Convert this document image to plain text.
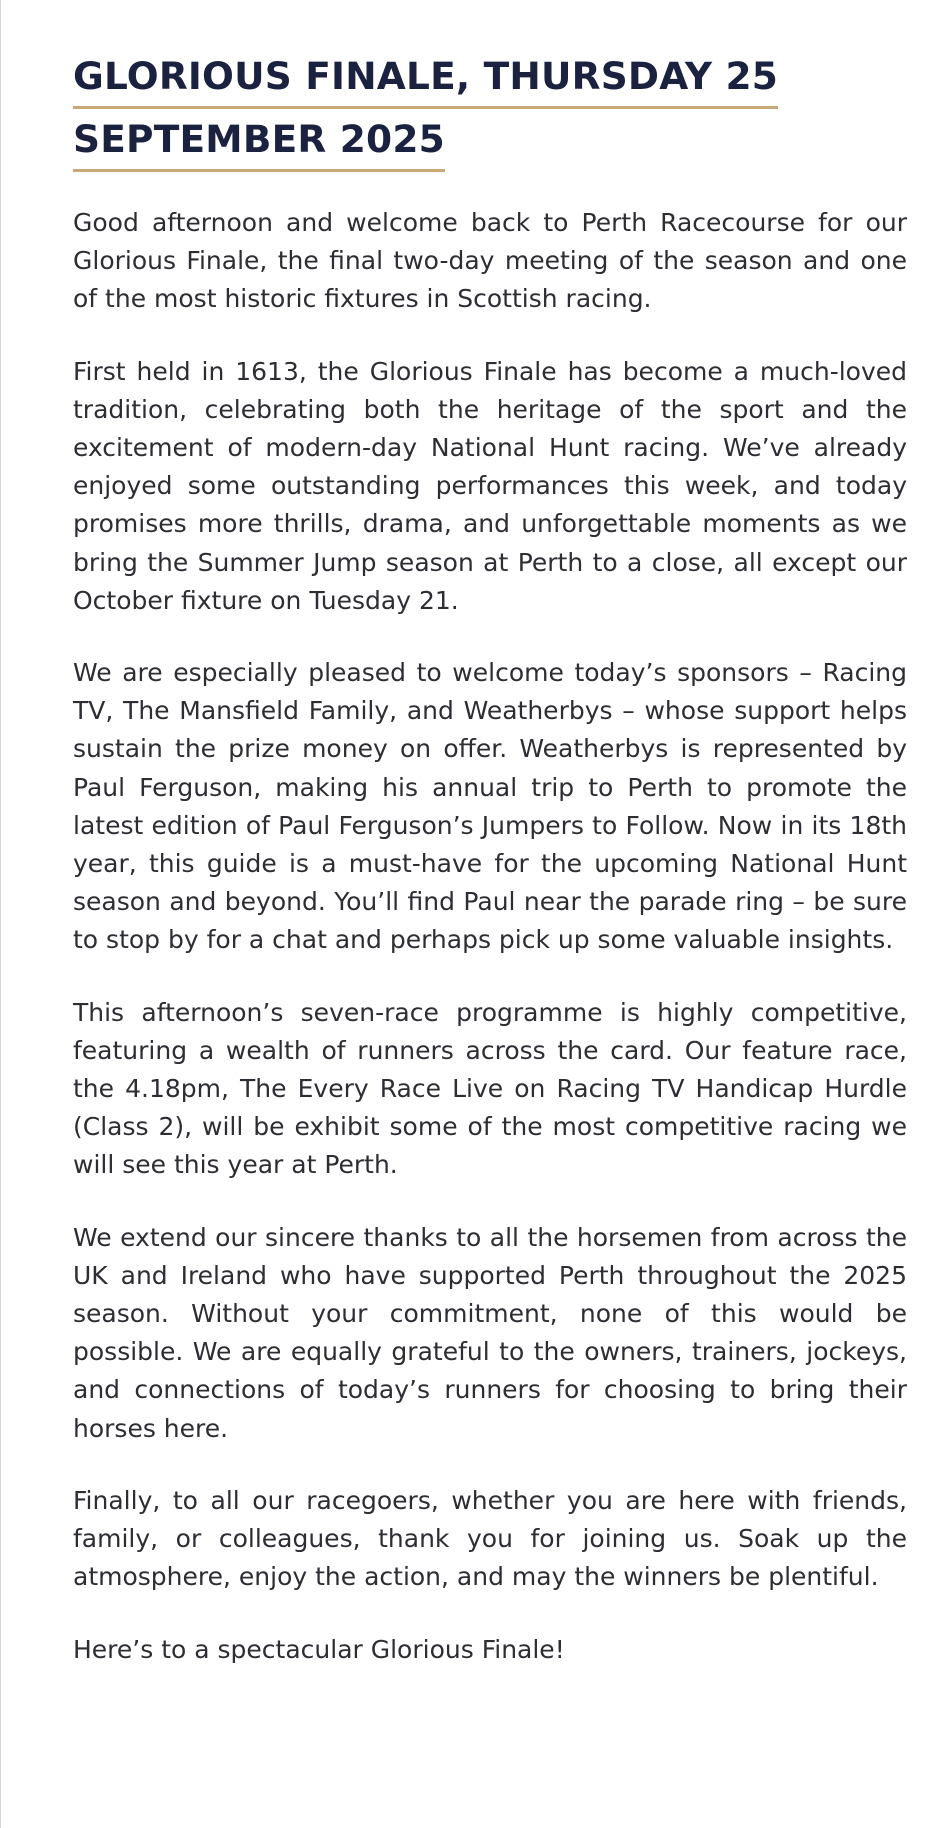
GLORIOUS FINALE, THURSDAY 25
SEPTEMBER 2025

Good afternoon and welcome back to Perth Racecourse for our Glorious Finale, the final two-day meeting of the season and one of the most historic fixtures in Scottish racing.

First held in 1613, the Glorious Finale has become a much-loved tradition, celebrating both the heritage of the sport and the excitement of modern-day National Hunt racing. We’ve already enjoyed some outstanding performances this week, and today promises more thrills, drama, and unforgettable moments as we bring the Summer Jump season at Perth to a close, all except our October fixture on Tuesday 21.

We are especially pleased to welcome today’s sponsors – Racing TV, The Mansfield Family, and Weatherbys – whose support helps sustain the prize money on offer. Weatherbys is represented by Paul Ferguson, making his annual trip to Perth to promote the latest edition of Paul Ferguson’s Jumpers to Follow. Now in its 18th year, this guide is a must-have for the upcoming National Hunt season and beyond. You’ll find Paul near the parade ring – be sure to stop by for a chat and perhaps pick up some valuable insights.

This afternoon’s seven-race programme is highly competitive, featuring a wealth of runners across the card. Our feature race, the 4.18pm, The Every Race Live on Racing TV Handicap Hurdle (Class 2), will be exhibit some of the most competitive racing we will see this year at Perth.

We extend our sincere thanks to all the horsemen from across the UK and Ireland who have supported Perth throughout the 2025 season. Without your commitment, none of this would be possible. We are equally grateful to the owners, trainers, jockeys, and connections of today’s runners for choosing to bring their horses here.

Finally, to all our racegoers, whether you are here with friends, family, or colleagues, thank you for joining us. Soak up the atmosphere, enjoy the action, and may the winners be plentiful.

Here’s to a spectacular Glorious Finale!
